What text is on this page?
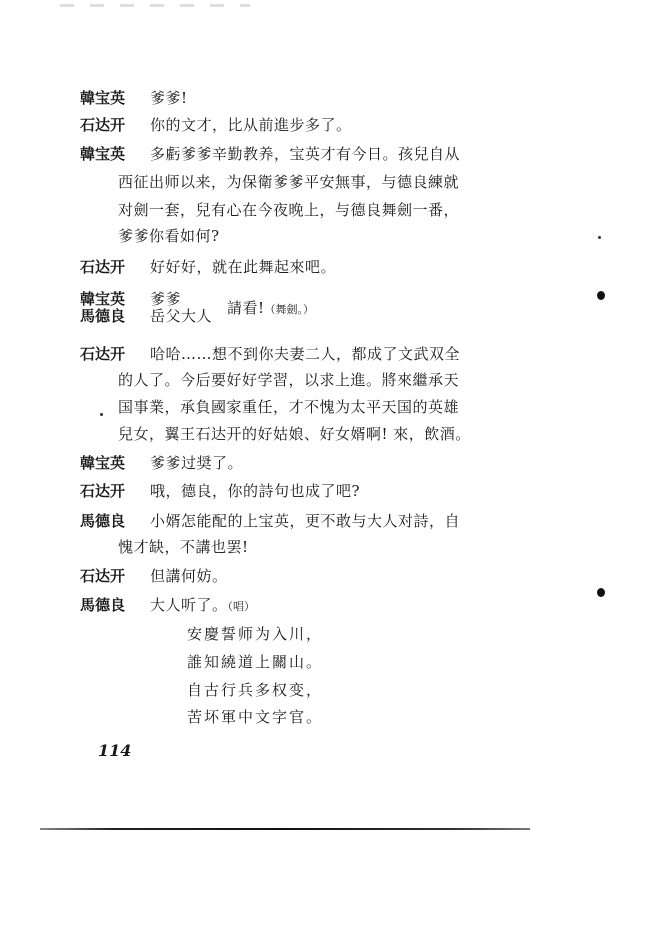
韓宝英 爹爹!
石达开 你的文才，比从前進步多了。
韓宝英 多虧爹爹辛勤教养，宝英才有今日。孩兒自从
西征出师以来，为保衛爹爹平安無事，与德良練就
对劍一套，兒有心在今夜晚上，与德良舞劍一番，
爹爹你看如何?
石达开 好好好，就在此舞起來吧。
韓宝英 爹爹
馬德良 岳父大人 請看!（舞劍。）
石达开 哈哈……想不到你夫妻二人，都成了文武双全
的人了。今后要好好学習，以求上進。將來繼承天
国事業，承負國家重任，才不愧为太平天国的英雄
兒女，翼王石达开的好姑娘、好女婿啊! 來，飲酒。
韓宝英 爹爹过奨了。
石达开 哦，德良，你的詩句也成了吧?
馬德良 小婿怎能配的上宝英，更不敢与大人对詩，自
愧才缺，不講也罢!
石达开 但講何妨。
馬德良 大人听了。（唱）
安慶誓师为入川，
誰知繞道上關山。
自古行兵多权变，
苦坏軍中文字官。
114
